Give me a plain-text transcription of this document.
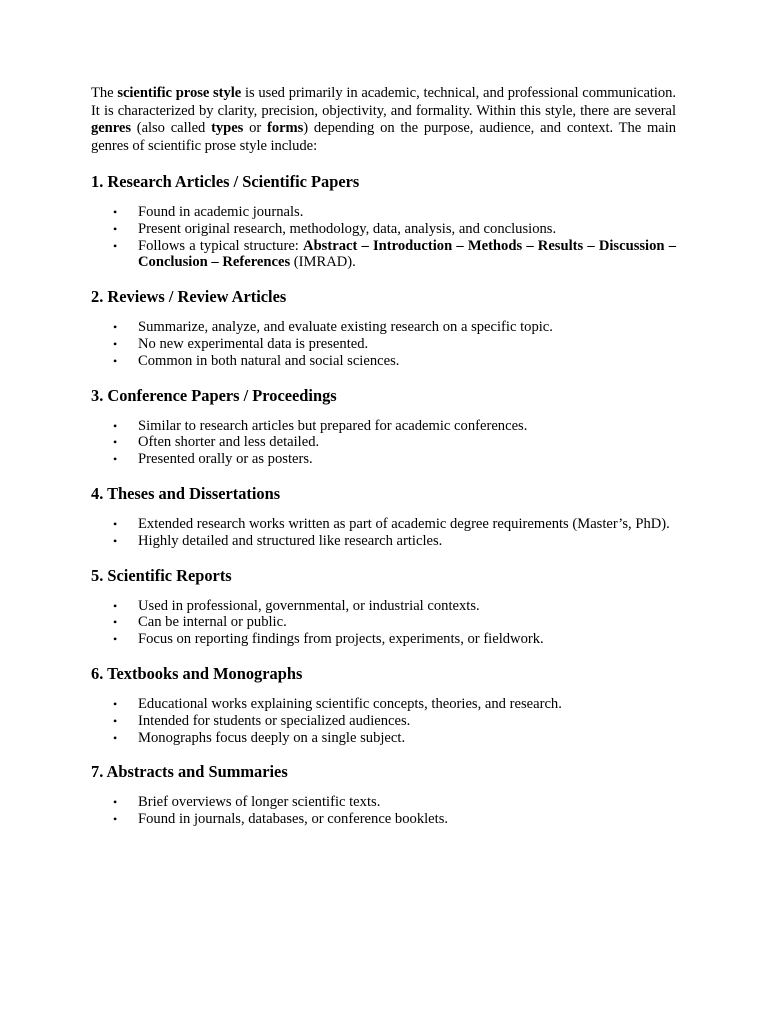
The scientific prose style is used primarily in academic, technical, and professional communication. It is characterized by clarity, precision, objectivity, and formality. Within this style, there are several genres (also called types or forms) depending on the purpose, audience, and context. The main genres of scientific prose style include:

1. Research Articles / Scientific Papers
• Found in academic journals.
• Present original research, methodology, data, analysis, and conclusions.
• Follows a typical structure: Abstract – Introduction – Methods – Results – Discussion – Conclusion – References (IMRAD).
2. Reviews / Review Articles
• Summarize, analyze, and evaluate existing research on a specific topic.
• No new experimental data is presented.
• Common in both natural and social sciences.
3. Conference Papers / Proceedings
• Similar to research articles but prepared for academic conferences.
• Often shorter and less detailed.
• Presented orally or as posters.
4. Theses and Dissertations
• Extended research works written as part of academic degree requirements (Master’s, PhD).
• Highly detailed and structured like research articles.
5. Scientific Reports
• Used in professional, governmental, or industrial contexts.
• Can be internal or public.
• Focus on reporting findings from projects, experiments, or fieldwork.
6. Textbooks and Monographs
• Educational works explaining scientific concepts, theories, and research.
• Intended for students or specialized audiences.
• Monographs focus deeply on a single subject.
7. Abstracts and Summaries
• Brief overviews of longer scientific texts.
• Found in journals, databases, or conference booklets.
